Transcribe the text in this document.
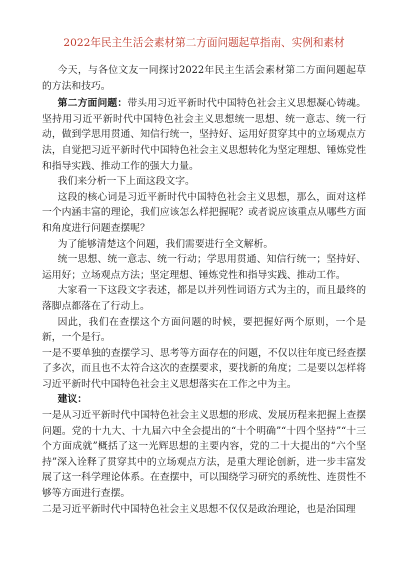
2022年民主生活会素材第二方面问题起草指南、实例和素材

今天，与各位文友一同探讨2022年民主生活会素材第二方面问题起草的方法和技巧。

第二方面问题：带头用习近平新时代中国特色社会主义思想凝心铸魂。坚持用习近平新时代中国特色社会主义思想统一思想、统一意志、统一行动，做到学思用贯通、知信行统一，坚持好、运用好贯穿其中的立场观点方法，自觉把习近平新时代中国特色社会主义思想转化为坚定理想、锤炼党性和指导实践、推动工作的强大力量。

我们来分析一下上面这段文字。

这段的核心词是习近平新时代中国特色社会主义思想，那么，面对这样一个内涵丰富的理论，我们应该怎么样把握呢？或者说应该重点从哪些方面和角度进行问题查摆呢？

为了能够清楚这个问题，我们需要进行全文解析。

统一思想、统一意志、统一行动；学思用贯通、知信行统一；坚持好、运用好；立场观点方法；坚定理想、锤炼党性和指导实践、推动工作。

大家看一下这段文字表述，都是以并列性词语方式为主的，而且最终的落脚点都落在了行动上。

因此，我们在查摆这个方面问题的时候，要把握好两个原则，一个是新，一个是行。

一是不要单独的查摆学习、思考等方面存在的问题，不仅以往年度已经查摆了多次，而且也不太符合这次的查摆要求，要找新的角度；二是要以怎样将习近平新时代中国特色社会主义思想落实在工作之中为主。

建议：

一是从习近平新时代中国特色社会主义思想的形成、发展历程来把握上查摆问题。党的十九大、十九届六中全会提出的“十个明确”“十四个坚持”“十三个方面成就”概括了这一光辉思想的主要内容，党的二十大提出的“六个坚持”深入诠释了贯穿其中的立场观点方法，是重大理论创新，进一步丰富发展了这一科学理论体系。在查摆中，可以围绕学习研究的系统性、连贯性不够等方面进行查摆。

二是习近平新时代中国特色社会主义思想不仅仅是政治理论，也是治国理
